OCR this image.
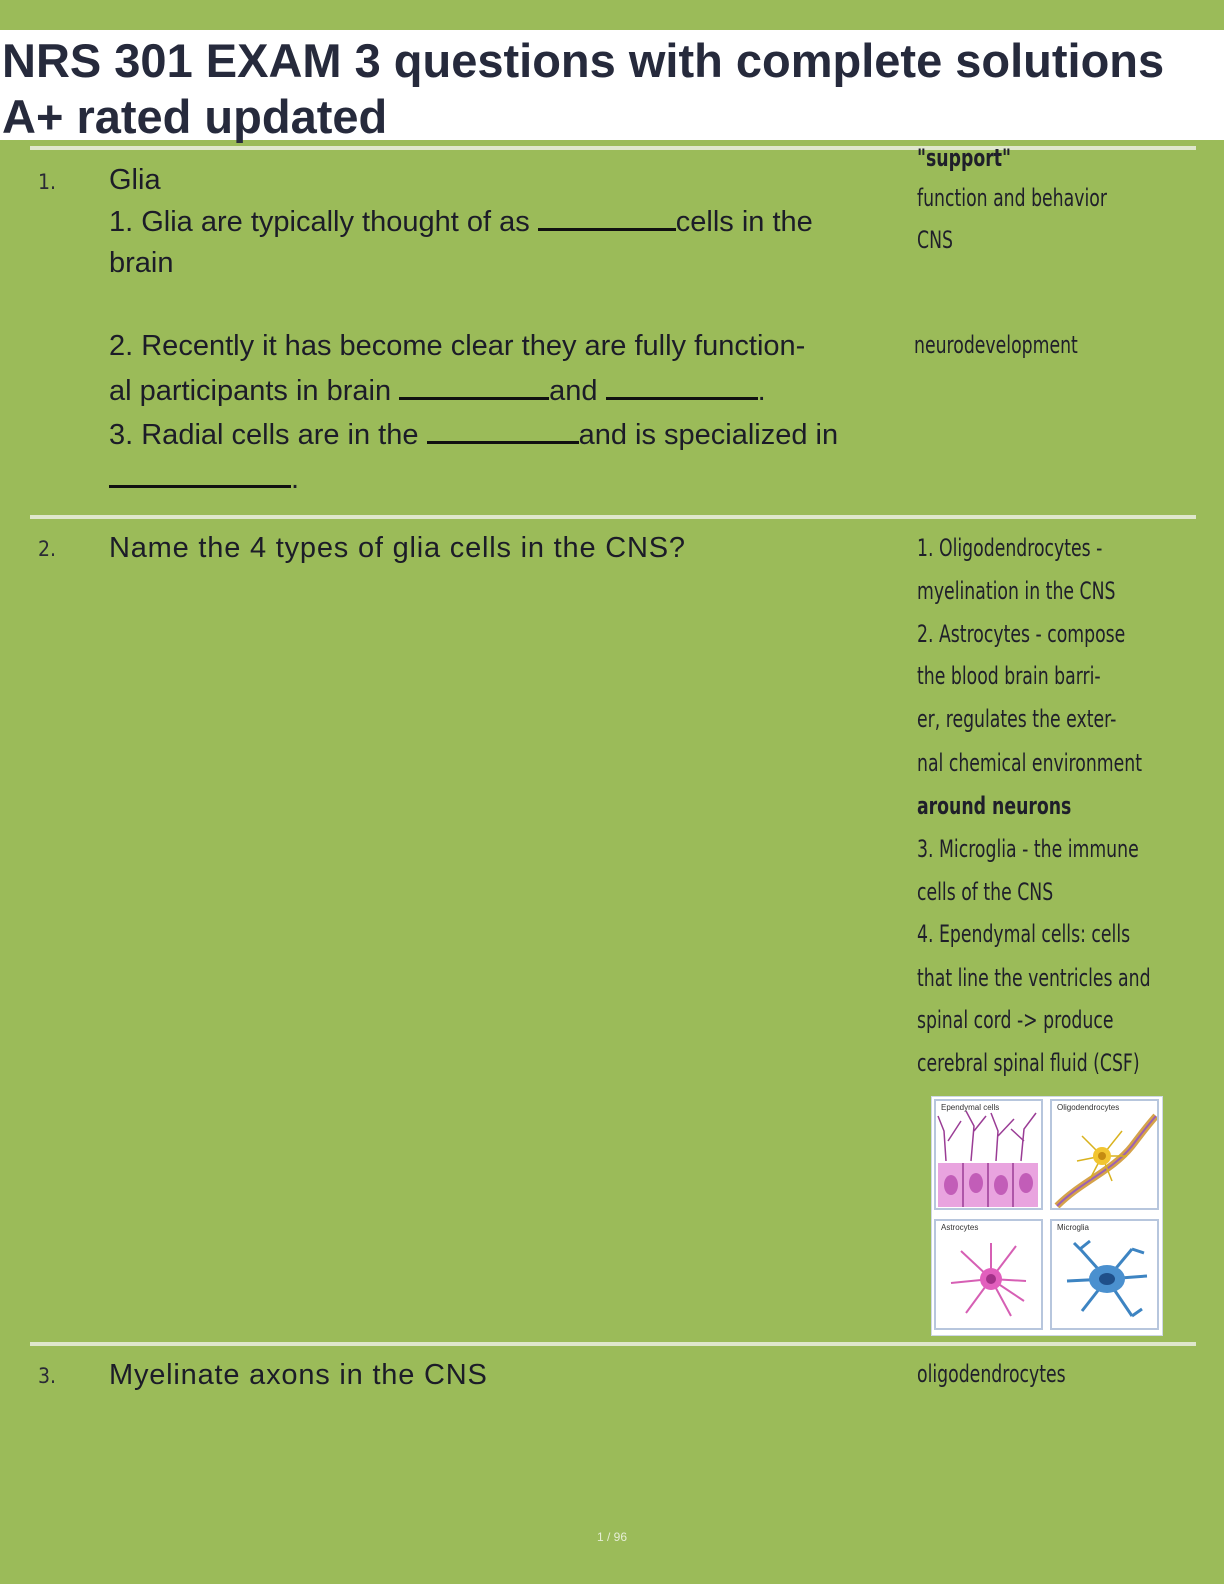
NRS 301 EXAM 3 questions with complete solutions
A+ rated updated
1. Glia
1. Glia are typically thought of as	cells in the
brain
2. Recently it has become clear they are fully function-
al participants in brain	and	.
3. Radial cells are in the	and is specialized in
.
"support"
function and behavior
CNS
neurodevelopment
2. Name the 4 types of glia cells in the CNS?	1. Oligodendrocytes -
myelination in the CNS
2. Astrocytes - compose
the blood brain barri-
er, regulates the exter-
nal chemical environment
around neurons
3. Microglia - the immune
cells of the CNS
4. Ependymal cells: cells
that line the ventricles and
spinal cord -> produce
cerebral spinal fluid (CSF)
Ependymal cells	Oligodendrocytes
Astrocytes	Microglia
3. Myelinate axons in the CNS	oligodendrocytes
1 / 96
